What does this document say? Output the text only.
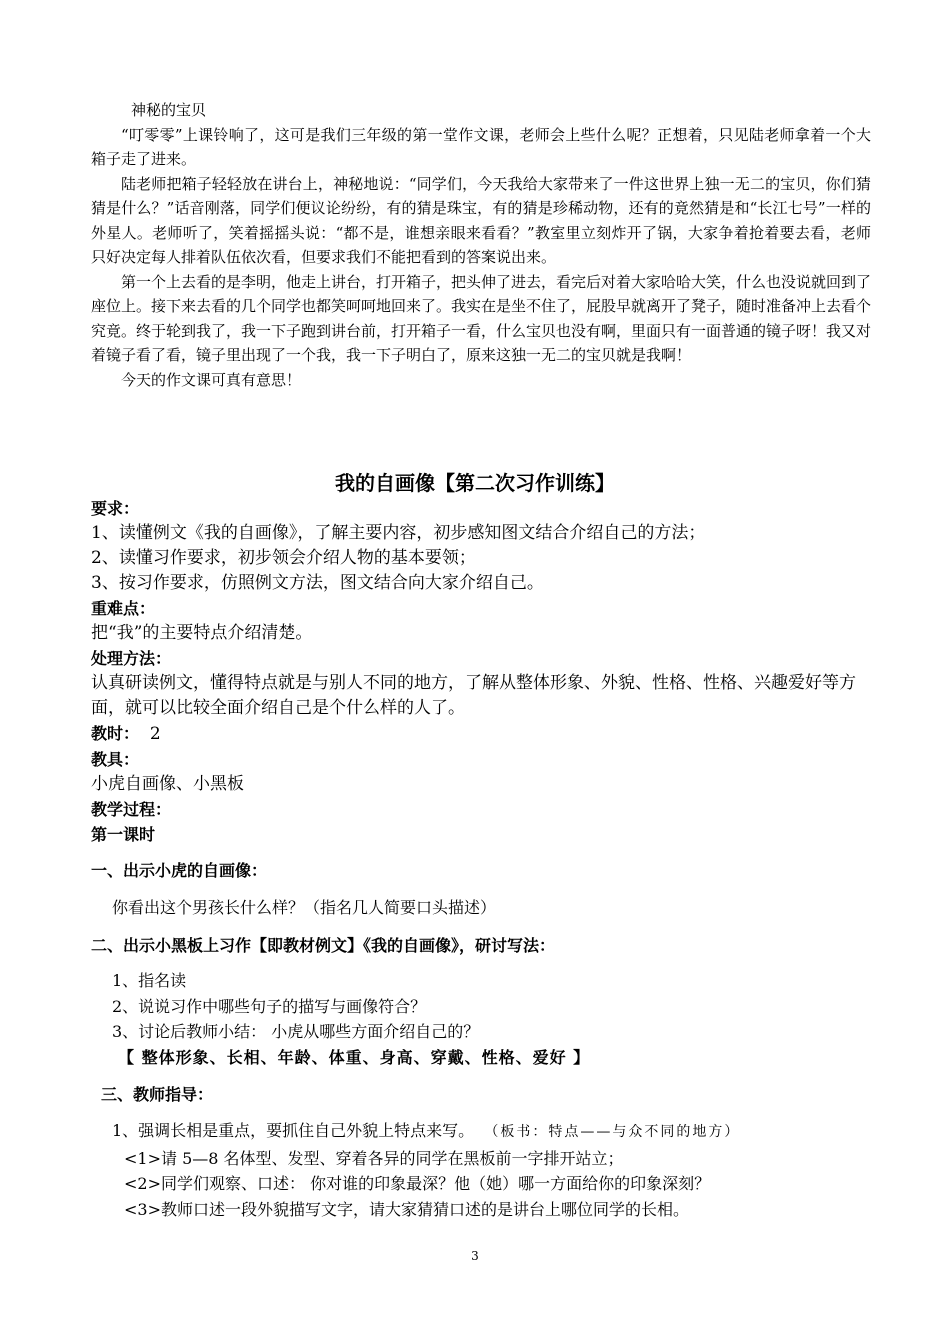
神秘的宝贝

“叮零零”上课铃响了，这可是我们三年级的第一堂作文课，老师会上些什么呢？正想着，只见陆老师拿着一个大箱子走了进来。

陆老师把箱子轻轻放在讲台上，神秘地说：“同学们，今天我给大家带来了一件这世界上独一无二的宝贝，你们猜猜是什么？”话音刚落，同学们便议论纷纷，有的猜是珠宝，有的猜是珍稀动物，还有的竟然猜是和“长江七号”一样的外星人。老师听了，笑着摇摇头说：“都不是，谁想亲眼来看看？”教室里立刻炸开了锅，大家争着抢着要去看，老师只好决定每人排着队伍依次看，但要求我们不能把看到的答案说出来。

第一个上去看的是李明，他走上讲台，打开箱子，把头伸了进去，看完后对着大家哈哈大笑，什么也没说就回到了座位上。接下来去看的几个同学也都笑呵呵地回来了。我实在是坐不住了，屁股早就离开了凳子，随时准备冲上去看个究竟。终于轮到我了，我一下子跑到讲台前，打开箱子一看，什么宝贝也没有啊，里面只有一面普通的镜子呀！我又对着镜子看了看，镜子里出现了一个我，我一下子明白了，原来这独一无二的宝贝就是我啊！

今天的作文课可真有意思！

我的自画像【第二次习作训练】
要求：
1、读懂例文《我的自画像》，了解主要内容，初步感知图文结合介绍自己的方法；
2、读懂习作要求，初步领会介绍人物的基本要领；
3、按习作要求，仿照例文方法，图文结合向大家介绍自己。
重难点：
把“我”的主要特点介绍清楚。
处理方法：
认真研读例文，懂得特点就是与别人不同的地方，了解从整体形象、外貌、性格、性格、兴趣爱好等方面，就可以比较全面介绍自己是个什么样的人了。
教时： 2
教具：
小虎自画像、小黑板
教学过程：
第一课时
一、出示小虎的自画像：
你看出这个男孩长什么样？（指名几人简要口头描述）
二、出示小黑板上习作【即教材例文】《我的自画像》，研讨写法：
1、指名读
2、说说习作中哪些句子的描写与画像符合？
3、讨论后教师小结： 小虎从哪些方面介绍自己的？
【 整体形象、长相、年龄、体重、身高、穿戴、性格、爱好 】
三、教师指导：
1、强调长相是重点，要抓住自己外貌上特点来写。 （板书：特点——与众不同的地方）
<1>请 5—8 名体型、发型、穿着各异的同学在黑板前一字排开站立；
<2>同学们观察、口述： 你对谁的印象最深？他（她）哪一方面给你的印象深刻？
<3>教师口述一段外貌描写文字，请大家猜猜口述的是讲台上哪位同学的长相。
3
